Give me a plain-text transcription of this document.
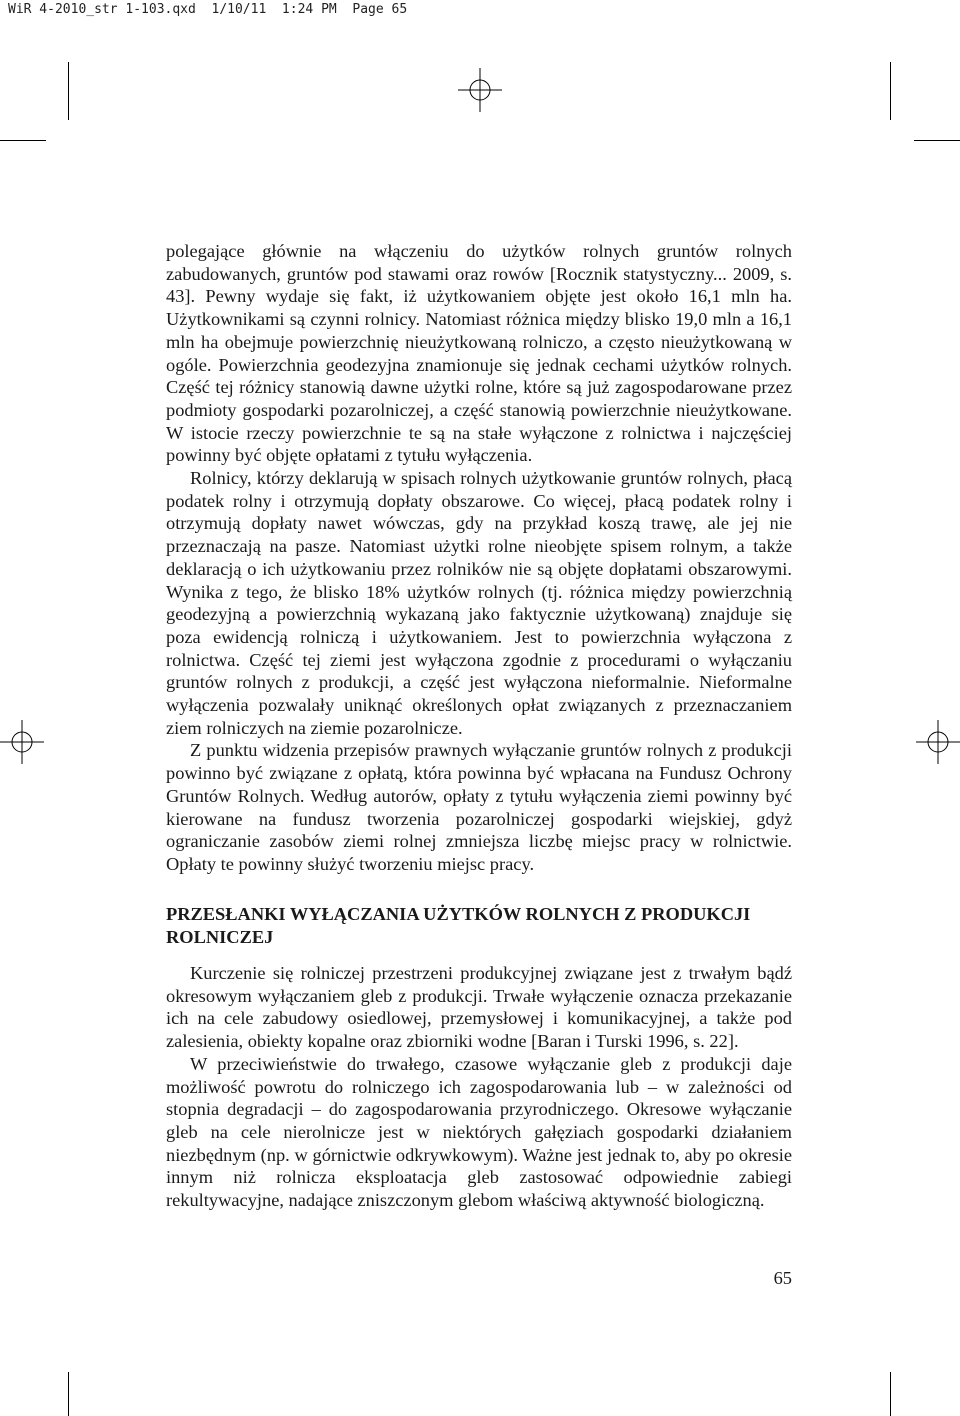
WiR 4-2010_str 1-103.qxd  1/10/11  1:24 PM  Page 65

polegające głównie na włączeniu do użytków rolnych gruntów rolnych zabudowanych, gruntów pod stawami oraz rowów [Rocznik statystyczny... 2009, s. 43]. Pewny wydaje się fakt, iż użytkowaniem objęte jest około 16,1 mln ha. Użytkownikami są czynni rolnicy. Natomiast różnica między blisko 19,0 mln a 16,1 mln ha obejmuje powierzchnię nieużytkowaną rolniczo, a często nieużytkowaną w ogóle. Powierzchnia geodezyjna znamionuje się jednak cechami użytków rolnych. Część tej różnicy stanowią dawne użytki rolne, które są już zagospodarowane przez podmioty gospodarki pozarolniczej, a część stanowią powierzchnie nieużytkowane. W istocie rzeczy powierzchnie te są na stałe wyłączone z rolnictwa i najczęściej powinny być objęte opłatami z tytułu wyłączenia.

Rolnicy, którzy deklarują w spisach rolnych użytkowanie gruntów rolnych, płacą podatek rolny i otrzymują dopłaty obszarowe. Co więcej, płacą podatek rolny i otrzymują dopłaty nawet wówczas, gdy na przykład koszą trawę, ale jej nie przeznaczają na pasze. Natomiast użytki rolne nieobjęte spisem rolnym, a także deklaracją o ich użytkowaniu przez rolników nie są objęte dopłatami obszarowymi. Wynika z tego, że blisko 18% użytków rolnych (tj. różnica między powierzchnią geodezyjną a powierzchnią wykazaną jako faktycznie użytkowaną) znajduje się poza ewidencją rolniczą i użytkowaniem. Jest to powierzchnia wyłączona z rolnictwa. Część tej ziemi jest wyłączona zgodnie z procedurami o wyłączaniu gruntów rolnych z produkcji, a część jest wyłączona nieformalnie. Nieformalne wyłączenia pozwalały uniknąć określonych opłat związanych z przeznaczaniem ziem rolniczych na ziemie pozarolnicze.

Z punktu widzenia przepisów prawnych wyłączanie gruntów rolnych z produkcji powinno być związane z opłatą, która powinna być wpłacana na Fundusz Ochrony Gruntów Rolnych. Według autorów, opłaty z tytułu wyłączenia ziemi powinny być kierowane na fundusz tworzenia pozarolniczej gospodarki wiejskiej, gdyż ograniczanie zasobów ziemi rolnej zmniejsza liczbę miejsc pracy w rolnictwie. Opłaty te powinny służyć tworzeniu miejsc pracy.

PRZESŁANKI WYŁĄCZANIA UŻYTKÓW ROLNYCH Z PRODUKCJI ROLNICZEJ

Kurczenie się rolniczej przestrzeni produkcyjnej związane jest z trwałym bądź okresowym wyłączaniem gleb z produkcji. Trwałe wyłączenie oznacza przekazanie ich na cele zabudowy osiedlowej, przemysłowej i komunikacyjnej, a także pod zalesienia, obiekty kopalne oraz zbiorniki wodne [Baran i Turski 1996, s. 22].

W przeciwieństwie do trwałego, czasowe wyłączanie gleb z produkcji daje możliwość powrotu do rolniczego ich zagospodarowania lub – w zależności od stopnia degradacji – do zagospodarowania przyrodniczego. Okresowe wyłączanie gleb na cele nierolnicze jest w niektórych gałęziach gospodarki działaniem niezbędnym (np. w górnictwie odkrywkowym). Ważne jest jednak to, aby po okresie innym niż rolnicza eksploatacja gleb zastosować odpowiednie zabiegi rekultywacyjne, nadające zniszczonym glebom właściwą aktywność biologiczną.

65
